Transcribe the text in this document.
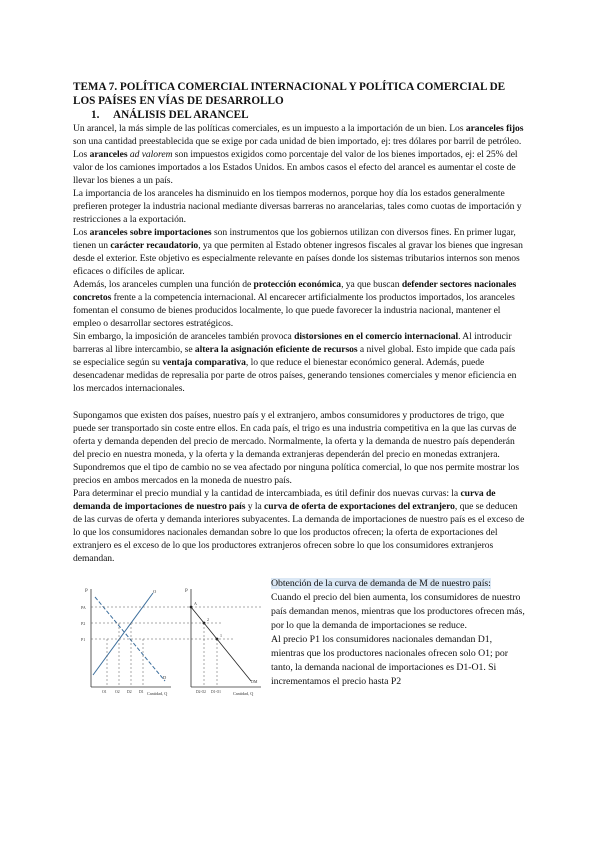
TEMA 7. POLÍTICA COMERCIAL INTERNACIONAL Y POLÍTICA COMERCIAL DE LOS PAÍSES EN VÍAS DE DESARROLLO
1. ANÁLISIS DEL ARANCEL

Un arancel, la más simple de las políticas comerciales, es un impuesto a la importación de un bien. Los aranceles fijos son una cantidad preestablecida que se exige por cada unidad de bien importado, ej: tres dólares por barril de petróleo. Los aranceles ad valorem son impuestos exigidos como porcentaje del valor de los bienes importados, ej: el 25% del valor de los camiones importados a los Estados Unidos. En ambos casos el efecto del arancel es aumentar el coste de llevar los bienes a un país.

La importancia de los aranceles ha disminuido en los tiempos modernos, porque hoy día los estados generalmente prefieren proteger la industria nacional mediante diversas barreras no arancelarias, tales como cuotas de importación y restricciones a la exportación.

Los aranceles sobre importaciones son instrumentos que los gobiernos utilizan con diversos fines. En primer lugar, tienen un carácter recaudatorio, ya que permiten al Estado obtener ingresos fiscales al gravar los bienes que ingresan desde el exterior. Este objetivo es especialmente relevante en países donde los sistemas tributarios internos son menos eficaces o difíciles de aplicar.

Además, los aranceles cumplen una función de protección económica, ya que buscan defender sectores nacionales concretos frente a la competencia internacional. Al encarecer artificialmente los productos importados, los aranceles fomentan el consumo de bienes producidos localmente, lo que puede favorecer la industria nacional, mantener el empleo o desarrollar sectores estratégicos.

Sin embargo, la imposición de aranceles también provoca distorsiones en el comercio internacional. Al introducir barreras al libre intercambio, se altera la asignación eficiente de recursos a nivel global. Esto impide que cada país se especialice según su ventaja comparativa, lo que reduce el bienestar económico general. Además, puede desencadenar medidas de represalia por parte de otros países, generando tensiones comerciales y menor eficiencia en los mercados internacionales.

Supongamos que existen dos países, nuestro país y el extranjero, ambos consumidores y productores de trigo, que puede ser transportado sin coste entre ellos. En cada país, el trigo es una industria competitiva en la que las curvas de oferta y demanda dependen del precio de mercado. Normalmente, la oferta y la demanda de nuestro país dependerán del precio en nuestra moneda, y la oferta y la demanda extranjeras dependerán del precio en monedas extranjera. Supondremos que el tipo de cambio no se vea afectado por ninguna política comercial, lo que nos permite mostrar los precios en ambos mercados en la moneda de nuestro país.

Para determinar el precio mundial y la cantidad de intercambiada, es útil definir dos nuevas curvas: la curva de demanda de importaciones de nuestro país y la curva de oferta de exportaciones del extranjero, que se deducen de las curvas de oferta y demanda interiores subyacentes. La demanda de importaciones de nuestro país es el exceso de lo que los consumidores nacionales demandan sobre lo que los productos ofrecen; la oferta de exportaciones del extranjero es el exceso de lo que los productores extranjeros ofrecen sobre lo que los consumidores extranjeros demandan.

P
Cantidad, Q
O
D
PA
P2
P1
O1 O2 D2 D1
P
Cantidad, Q
A
2
1
DM
D2-O2 D1-O1

Obtención de la curva de demanda de M de nuestro país:

Cuando el precio del bien aumenta, los consumidores de nuestro país demandan menos, mientras que los productores ofrecen más, por lo que la demanda de importaciones se reduce.

Al precio P1 los consumidores nacionales demandan D1, mientras que los productores nacionales ofrecen solo O1; por tanto, la demanda nacional de importaciones es D1-O1. Si incrementamos el precio hasta P2
